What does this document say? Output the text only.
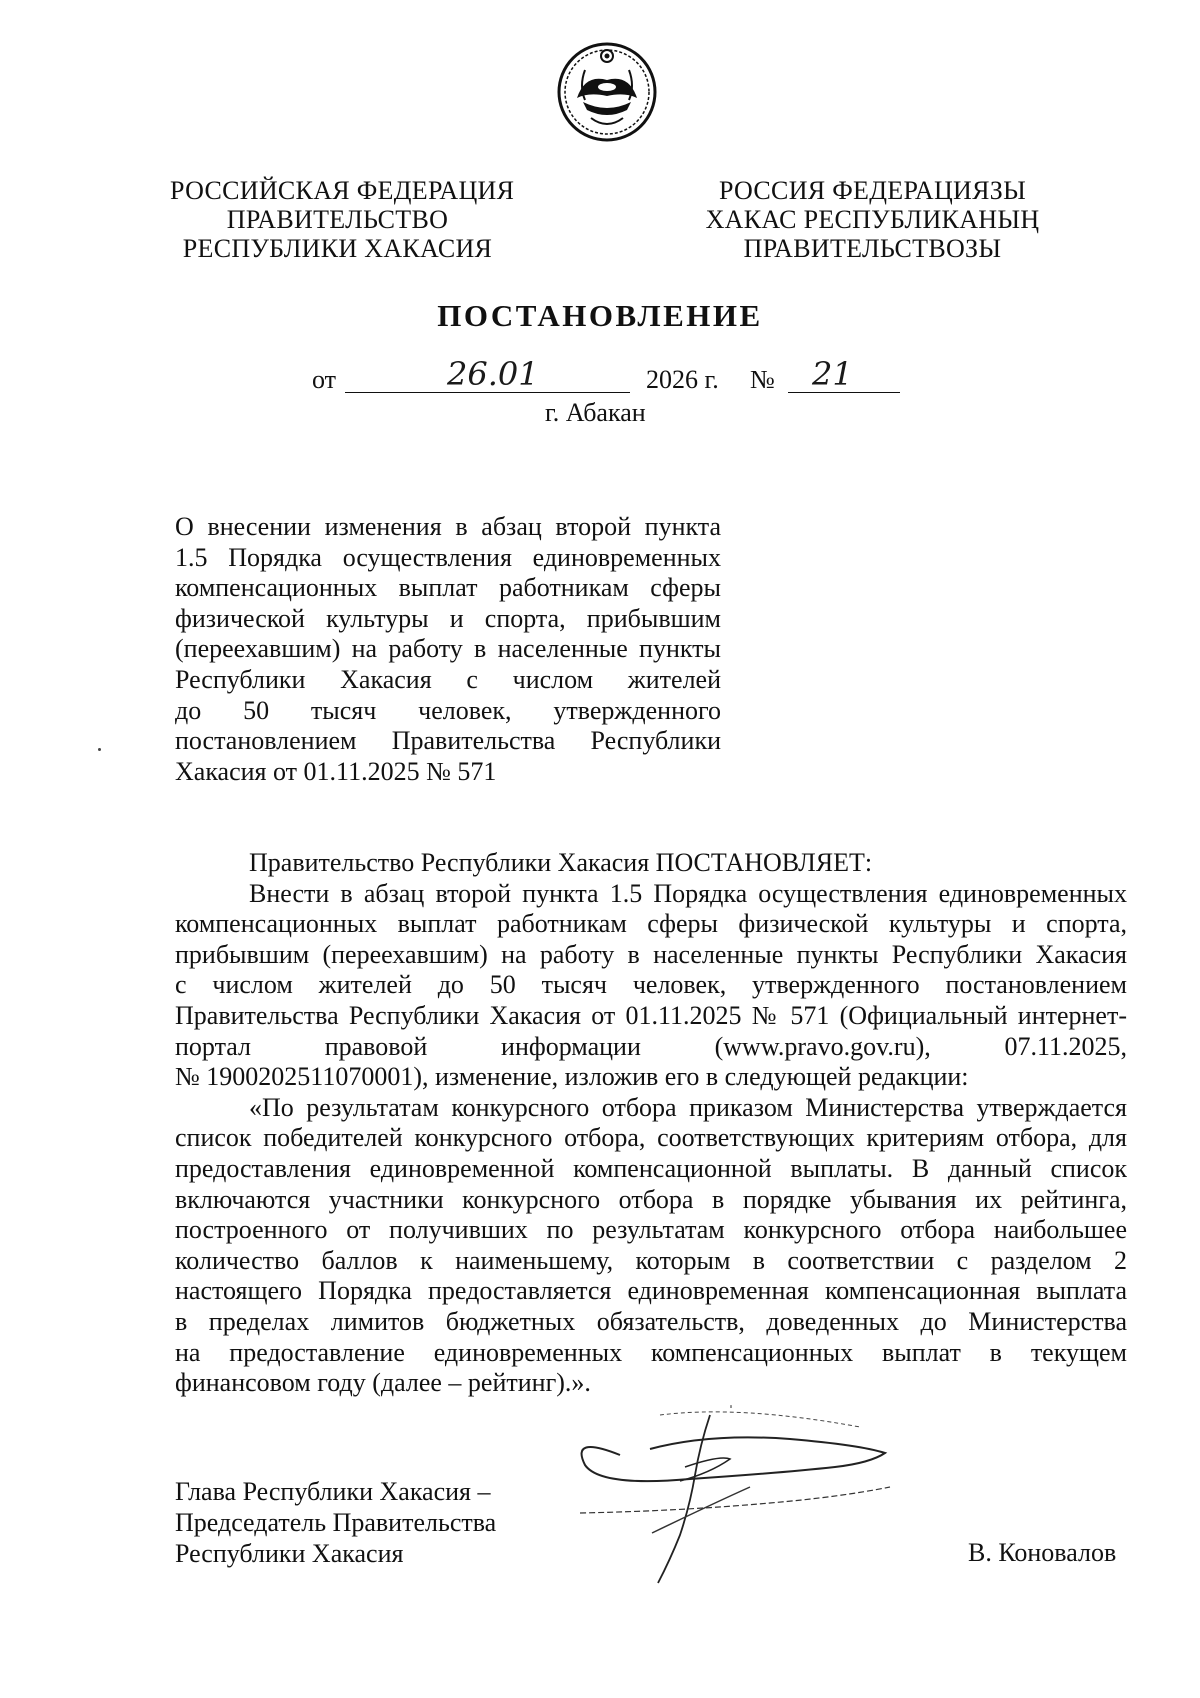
РОССИЙСКАЯ ФЕДЕРАЦИЯ
ПРАВИТЕЛЬСТВО
РЕСПУБЛИКИ ХАКАСИЯ
РОССИЯ ФЕДЕРАЦИЯЗЫ
ХАКАС РЕСПУБЛИКАНЫҢ
ПРАВИТЕЛЬСТВОЗЫ
ПОСТАНОВЛЕНИЕ
от	26.01	2026 г. № 21
г. Абакан
О внесении изменения в абзац второй пункта
1.5 Порядка осуществления единовременных
компенсационных выплат работникам сферы
физической культуры и спорта, прибывшим
(переехавшим) на работу в населенные пункты
Республики Хакасия с числом жителей
до 50 тысяч человек, утвержденного
постановлением Правительства Республики
Хакасия от 01.11.2025 № 571
Правительство Республики Хакасия ПОСТАНОВЛЯЕТ:
Внести в абзац второй пункта 1.5 Порядка осуществления единовременных
компенсационных выплат работникам сферы физической культуры и спорта,
прибывшим (переехавшим) на работу в населенные пункты Республики Хакасия
с числом жителей до 50 тысяч человек, утвержденного постановлением
Правительства Республики Хакасия от 01.11.2025 № 571 (Официальный интернет-
портал правовой информации (www.pravo.gov.ru), 07.11.2025,
№ 1900202511070001), изменение, изложив его в следующей редакции:
«По результатам конкурсного отбора приказом Министерства утверждается
список победителей конкурсного отбора, соответствующих критериям отбора, для
предоставления единовременной компенсационной выплаты. В данный список
включаются участники конкурсного отбора в порядке убывания их рейтинга,
построенного от получивших по результатам конкурсного отбора наибольшее
количество баллов к наименьшему, которым в соответствии с разделом 2
настоящего Порядка предоставляется единовременная компенсационная выплата
в пределах лимитов бюджетных обязательств, доведенных до Министерства
на предоставление единовременных компенсационных выплат в текущем
финансовом году (далее – рейтинг).».
ˌ
Глава Республики Хакасия –
Председатель Правительства
Республики Хакасия	В. Коновалов
